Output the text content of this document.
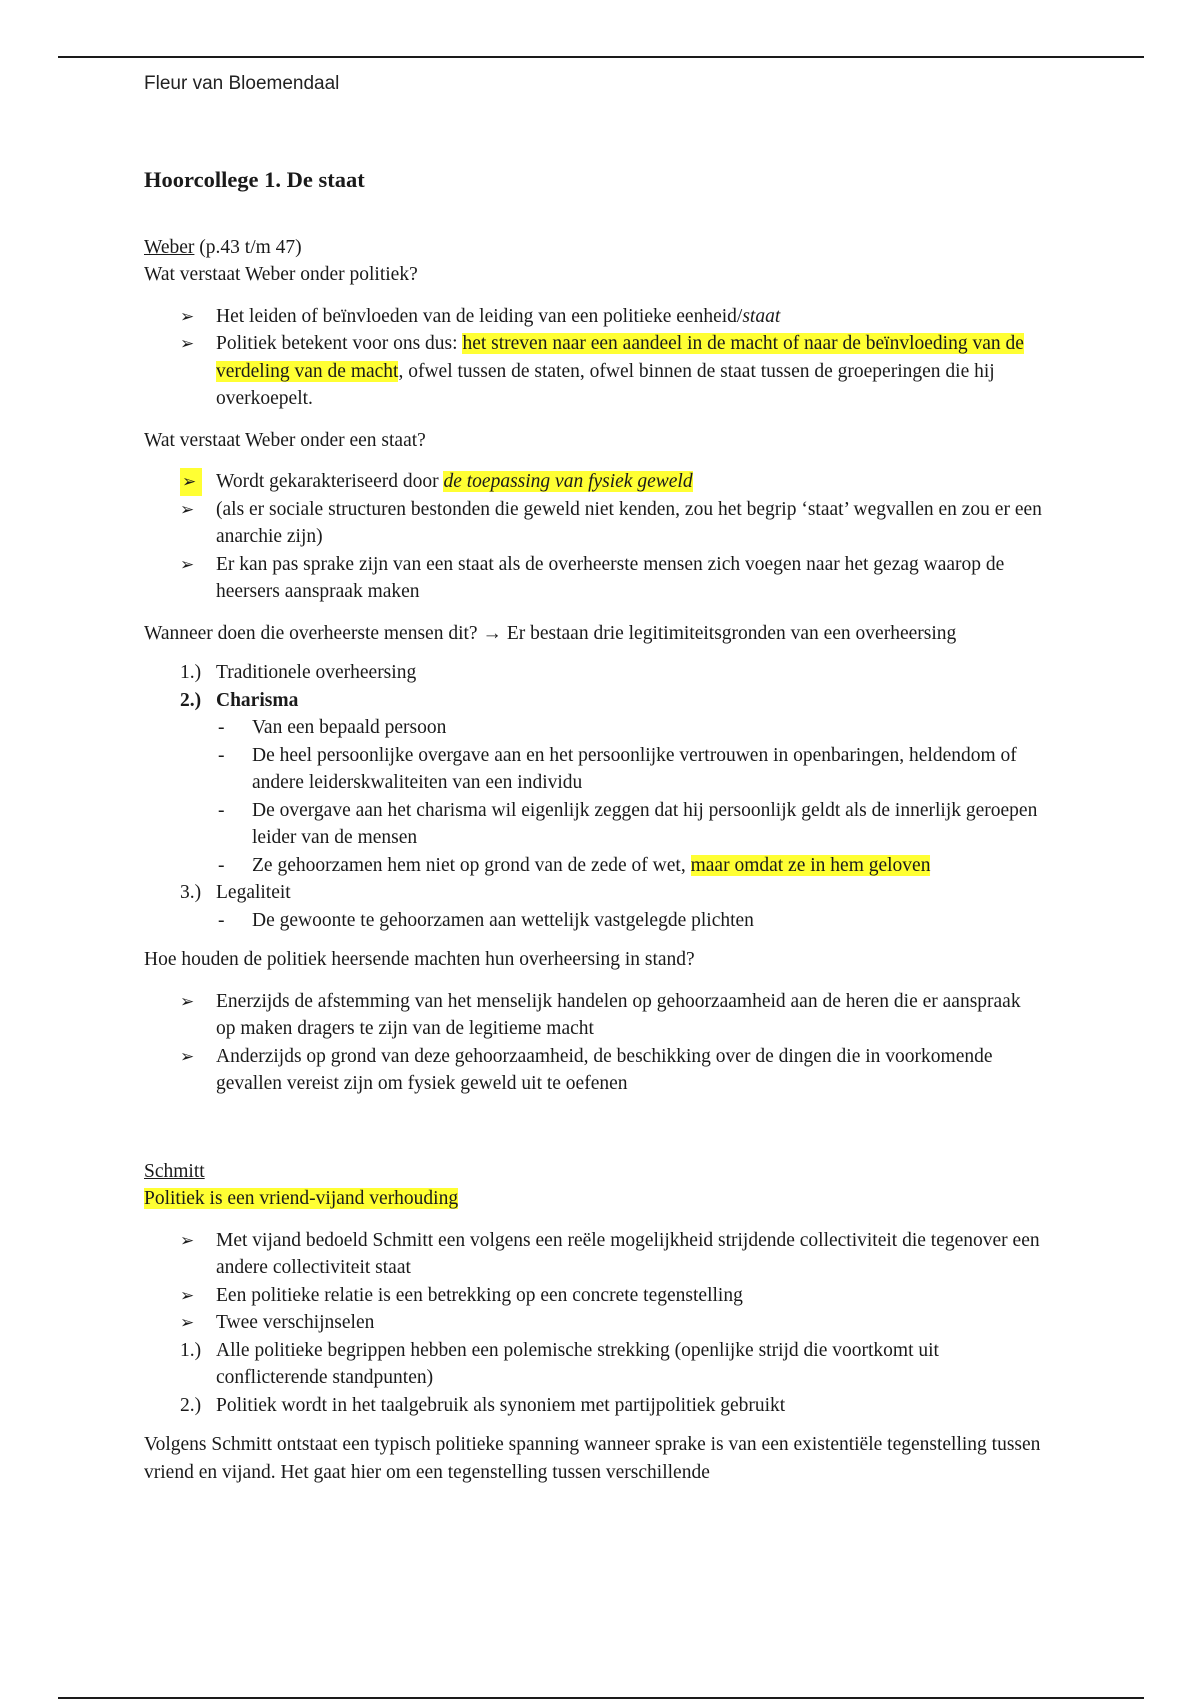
Fleur van Bloemendaal
Hoorcollege 1. De staat

Weber (p.43 t/m 47)

Wat verstaat Weber onder politiek?

➢ Het leiden of beïnvloeden van de leiding van een politieke eenheid/staat
➢ Politiek betekent voor ons dus: het streven naar een aandeel in de macht of naar de beïnvloeding van de verdeling van de macht, ofwel tussen de staten, ofwel binnen de staat tussen de groeperingen die hij overkoepelt.

Wat verstaat Weber onder een staat?

➢	Wordt gekarakteriseerd door de toepassing van fysiek geweld
➢ (als er sociale structuren bestonden die geweld niet kenden, zou het begrip ‘staat’ wegvallen en zou er een anarchie zijn)
➢ Er kan pas sprake zijn van een staat als de overheerste mensen zich voegen naar het gezag waarop de heersers aanspraak maken

Wanneer doen die overheerste mensen dit? → Er bestaan drie legitimiteitsgronden van een overheersing

1.) Traditionele overheersing
2.) Charisma
- Van een bepaald persoon
- De heel persoonlijke overgave aan en het persoonlijke vertrouwen in openbaringen, heldendom of andere leiderskwaliteiten van een individu
- De overgave aan het charisma wil eigenlijk zeggen dat hij persoonlijk geldt als de innerlijk geroepen leider van de mensen
- Ze gehoorzamen hem niet op grond van de zede of wet, maar omdat ze in hem geloven
3.) Legaliteit
- De gewoonte te gehoorzamen aan wettelijk vastgelegde plichten

Hoe houden de politiek heersende machten hun overheersing in stand?

➢ Enerzijds de afstemming van het menselijk handelen op gehoorzaamheid aan de heren die er aanspraak op maken dragers te zijn van de legitieme macht
➢ Anderzijds op grond van deze gehoorzaamheid, de beschikking over de dingen die in voorkomende gevallen vereist zijn om fysiek geweld uit te oefenen

Schmitt

Politiek is een vriend-vijand verhouding

➢ Met vijand bedoeld Schmitt een volgens een reële mogelijkheid strijdende collectiviteit die tegenover een andere collectiviteit staat
➢ Een politieke relatie is een betrekking op een concrete tegenstelling
➢ Twee verschijnselen
1.) Alle politieke begrippen hebben een polemische strekking (openlijke strijd die voortkomt uit conflicterende standpunten)
2.) Politiek wordt in het taalgebruik als synoniem met partijpolitiek gebruikt

Volgens Schmitt ontstaat een typisch politieke spanning wanneer sprake is van een existentiële tegenstelling tussen vriend en vijand. Het gaat hier om een tegenstelling tussen verschillende
